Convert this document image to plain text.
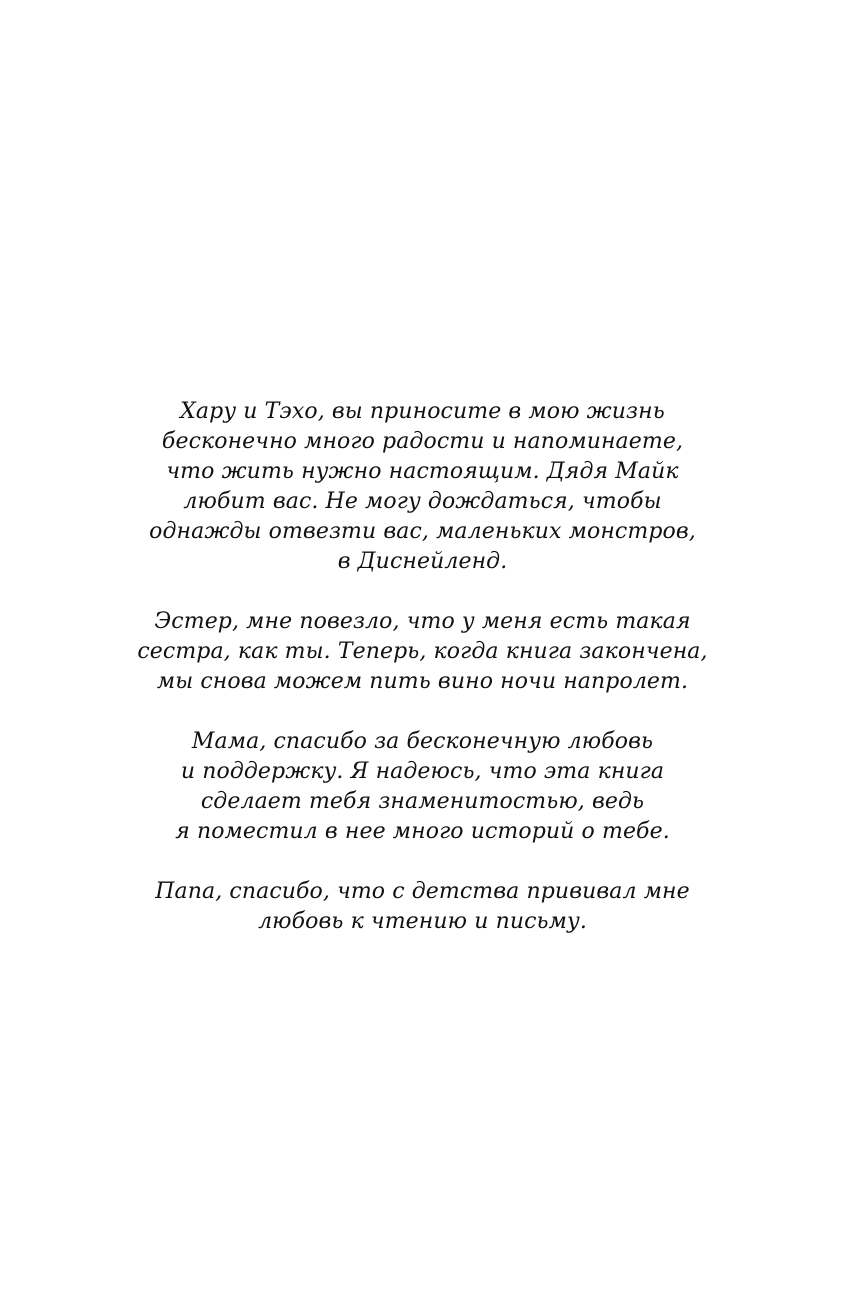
Хару и Тэхо, вы приносите в мою жизнь
бесконечно много радости и напоминаете,
что жить нужно настоящим. Дядя Майк
любит вас. Не могу дождаться, чтобы
однажды отвезти вас, маленьких монстров,
в Диснейленд.

Эстер, мне повезло, что у меня есть такая
сестра, как ты. Теперь, когда книга закончена,
мы снова можем пить вино ночи напролет.

Мама, спасибо за бесконечную любовь
и поддержку. Я надеюсь, что эта книга
сделает тебя знаменитостью, ведь
я поместил в нее много историй о тебе.

Папа, спасибо, что с детства прививал мне
любовь к чтению и письму.
